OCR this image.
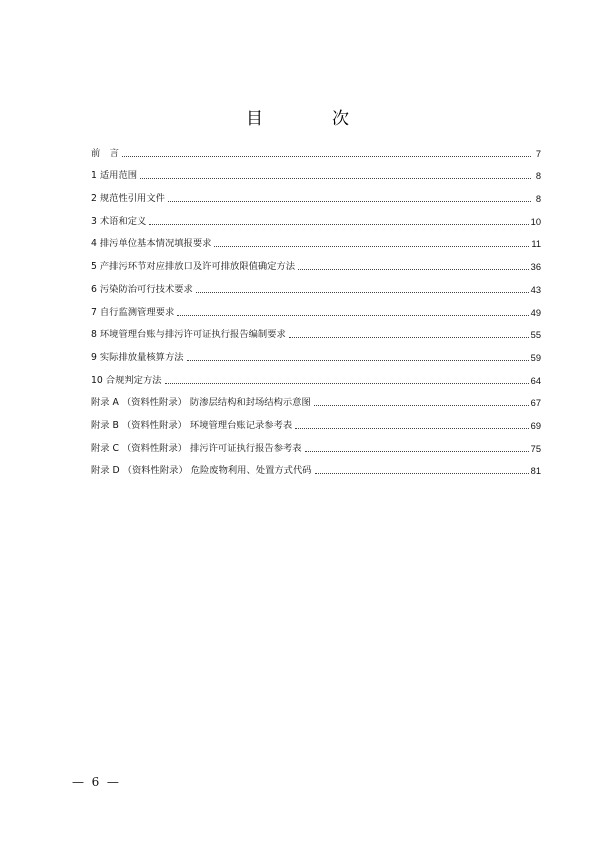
目　次
前　言	7
1 适用范围	8
2 规范性引用文件	8
3 术语和定义	10
4 排污单位基本情况填报要求	11
5 产排污环节对应排放口及许可排放限值确定方法	36
6 污染防治可行技术要求	43
7 自行监测管理要求	49
8 环境管理台账与排污许可证执行报告编制要求	55
9 实际排放量核算方法	59
10 合规判定方法	64
附录 A （资料性附录） 防渗层结构和封场结构示意图	67
附录 B （资料性附录） 环境管理台账记录参考表	69
附录 C （资料性附录） 排污许可证执行报告参考表	75
附录 D （资料性附录） 危险废物利用、处置方式代码	81
—  6  —
